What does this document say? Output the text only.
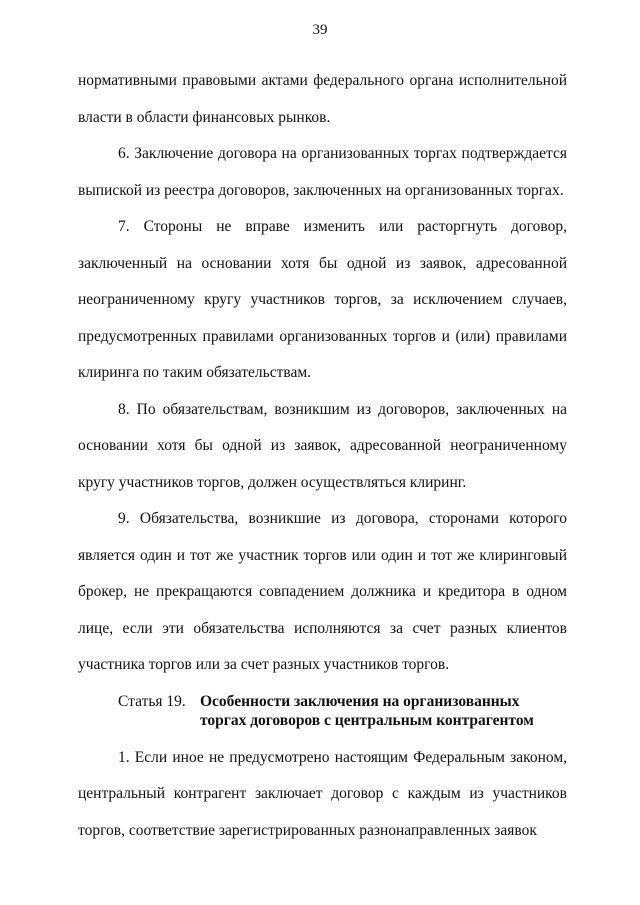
39

нормативными правовыми актами федерального органа исполнительной власти в области финансовых рынков.

6. Заключение договора на организованных торгах подтверждается выпиской из реестра договоров, заключенных на организованных торгах.

7. Стороны не вправе изменить или расторгнуть договор, заключенный на основании хотя бы одной из заявок, адресованной неограниченному кругу участников торгов, за исключением случаев, предусмотренных правилами организованных торгов и (или) правилами клиринга по таким обязательствам.

8. По обязательствам, возникшим из договоров, заключенных на основании хотя бы одной из заявок, адресованной неограниченному кругу участников торгов, должен осуществляться клиринг.

9. Обязательства, возникшие из договора, сторонами которого является один и тот же участник торгов или один и тот же клиринговый брокер, не прекращаются совпадением должника и кредитора в одном лице, если эти обязательства исполняются за счет разных клиентов участника торгов или за счет разных участников торгов.

Статья 19. Особенности заключения на организованных торгах договоров с центральным контрагентом

1. Если иное не предусмотрено настоящим Федеральным законом, центральный контрагент заключает договор с каждым из участников торгов, соответствие зарегистрированных разнонаправленных заявок
